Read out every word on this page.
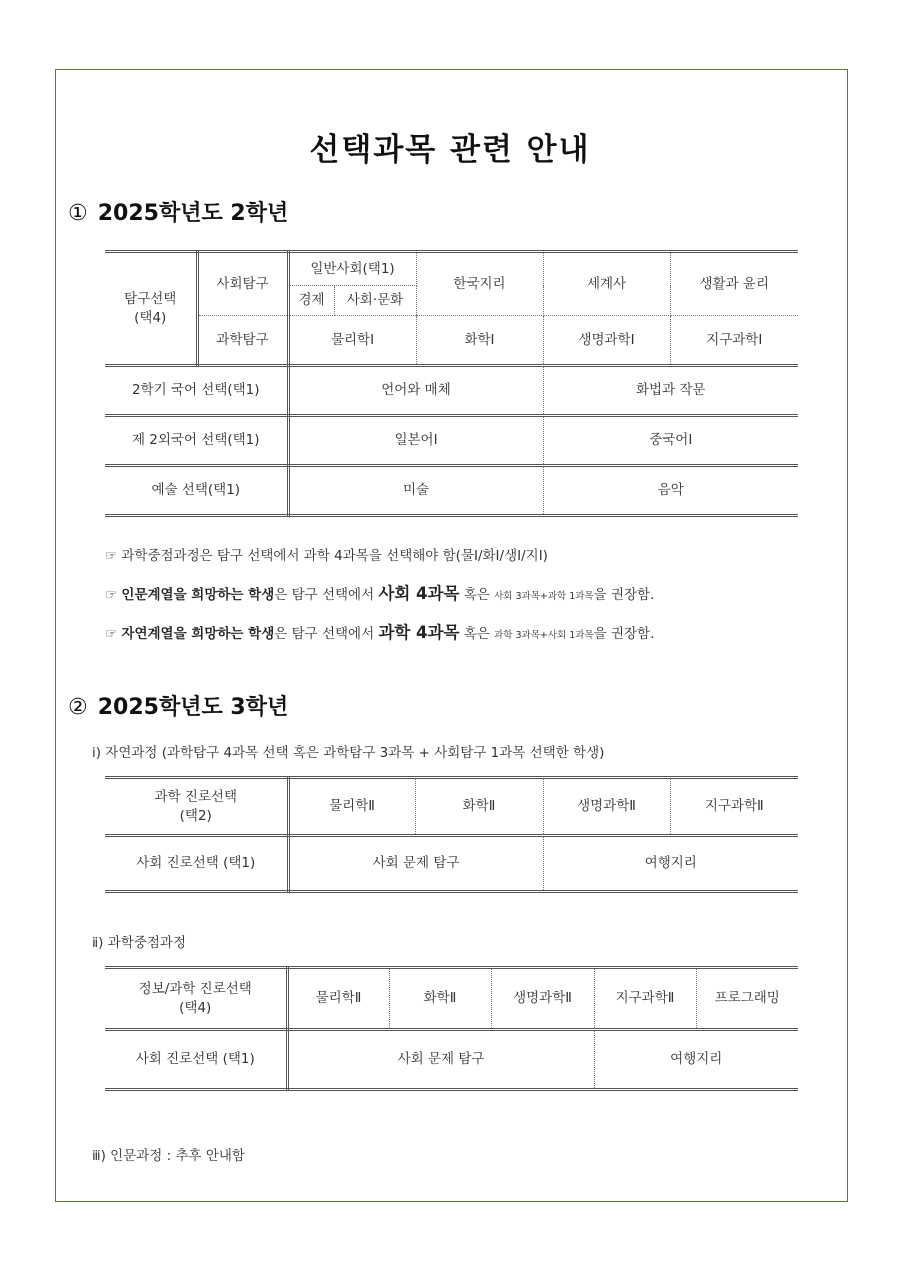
선택과목 관련 안내
① 2025학년도 2학년
탐구선택
(택4)	사회탐구	일반사회(택1)		한국지리	세계사	생활과 윤리
		경제	사회·문화			
	과학탐구	물리학Ⅰ		화학Ⅰ	생명과학Ⅰ	지구과학Ⅰ
2학기 국어 선택(택1)		언어와 매체			화법과 작문	
제 2외국어 선택(택1)		일본어Ⅰ			중국어Ⅰ	
예술 선택(택1)		미술			음악	
☞ 과학중점과정은 탐구 선택에서 과학 4과목을 선택해야 함(물Ⅰ/화Ⅰ/생Ⅰ/지Ⅰ)
☞ 인문계열을 희망하는 학생은 탐구 선택에서 사회 4과목 혹은 사회 3과목+과학 1과목을 권장함.
☞ 자연계열을 희망하는 학생은 탐구 선택에서 과학 4과목 혹은 과학 3과목+사회 1과목을 권장함.
② 2025학년도 3학년
ⅰ) 자연과정 (과학탐구 4과목 선택 혹은 과학탐구 3과목 + 사회탐구 1과목 선택한 학생)
과학 진로선택
(택2)	물리학Ⅱ	화학Ⅱ	생명과학Ⅱ	지구과학Ⅱ
사회 진로선택 (택1)	사회 문제 탐구		여행지리	
ⅱ) 과학중점과정
정보/과학 진로선택
(택4)	물리학Ⅱ	화학Ⅱ	생명과학Ⅱ	지구과학Ⅱ	프로그래밍
사회 진로선택 (택1)	사회 문제 탐구			여행지리	
ⅲ) 인문과정 : 추후 안내함
